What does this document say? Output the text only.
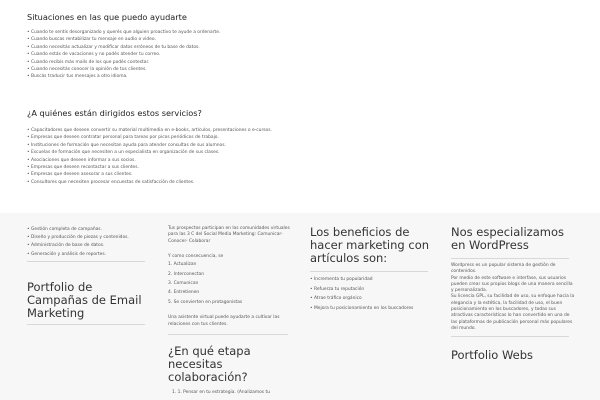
Situaciones en las que puedo ayudarte
• Cuando te sentís desorganizado y querés que alguien proactivo te ayude a ordenarte.
• Cuando buscas rentabilizar tu mensaje en audio o video.
• Cuando necesitás actualizar y modificar datos erróneos de tu base de datos.
• Cuando estás de vacaciones y no podés atender tu correo.
• Cuando recibís más mails de los que podés contestar.
• Cuando necesitás conocer la opinión de tus clientes.
• Buscás traducir tus mensajes a otro idioma.
¿A quiénes están dirigidos estos servicios?
• Capacitadores que deseen convertir su material multimedia en e-books, artículos, presentaciones o e-cursos.
• Empresas que deseen contratar personal para tareas por picos periódicos de trabajo.
• Instituciones de formación que necesitan ayuda para atender consultas de sus alumnos.
• Escuelas de formación que necesiten a un especialista en organización de sus clases.
• Asociaciones que deseen informar a sus socios.
• Empresas que deseen recontactar a sus clientes.
• Empresas que deseen asesorar a sus clientes.
• Consultores que necesiten procesar encuestas de satisfacción de clientes.
• Gestión completa de campañas.
• Diseño y producción de piezas y contenidos.
• Administración de base de datos.
• Generación y análisis de reportes.
Portfolio de Campañas de Email Marketing

Tus prospectos participan en las comunidades virtuales para las 3 C del Social Media Marketing: Comunicar- Conocer- Colaborar

Y como consecuencia, se

1. Actualizan
2. Interconectan
3. Comunican
4. Entretienen
5. Se convierten en protagonistas

Una asistente virtual puede ayudarte a cultivar las relaciones con tus clientes.

¿En qué etapa necesitas colaboración?

1. 1. Pensar en tu estrategia. (Analizamos tu

Los beneficios de hacer marketing con artículos son:
• Incrementa tu popularidad
• Refuerza tu reputación
• Atrae tráfico orgánico
• Mejora tu posicionamiento en los buscadores
Nos especializamos en WordPress

Wordpress es un popular sistema de gestión de contenidos.
Por medio de este software e interfase, sus usuarios pueden crear sus propios blogs de una manera sencilla y personalizada.
Su licencia GPL, su facilidad de uso, su enfoque hacia la elegancia y la estética, la facilidad de uso, el buen posicionamiento en los buscadores, y todas sus atractivas características lo han convertido en una de las plataformas de publicación personal más populares del mundo.

Portfolio Webs
